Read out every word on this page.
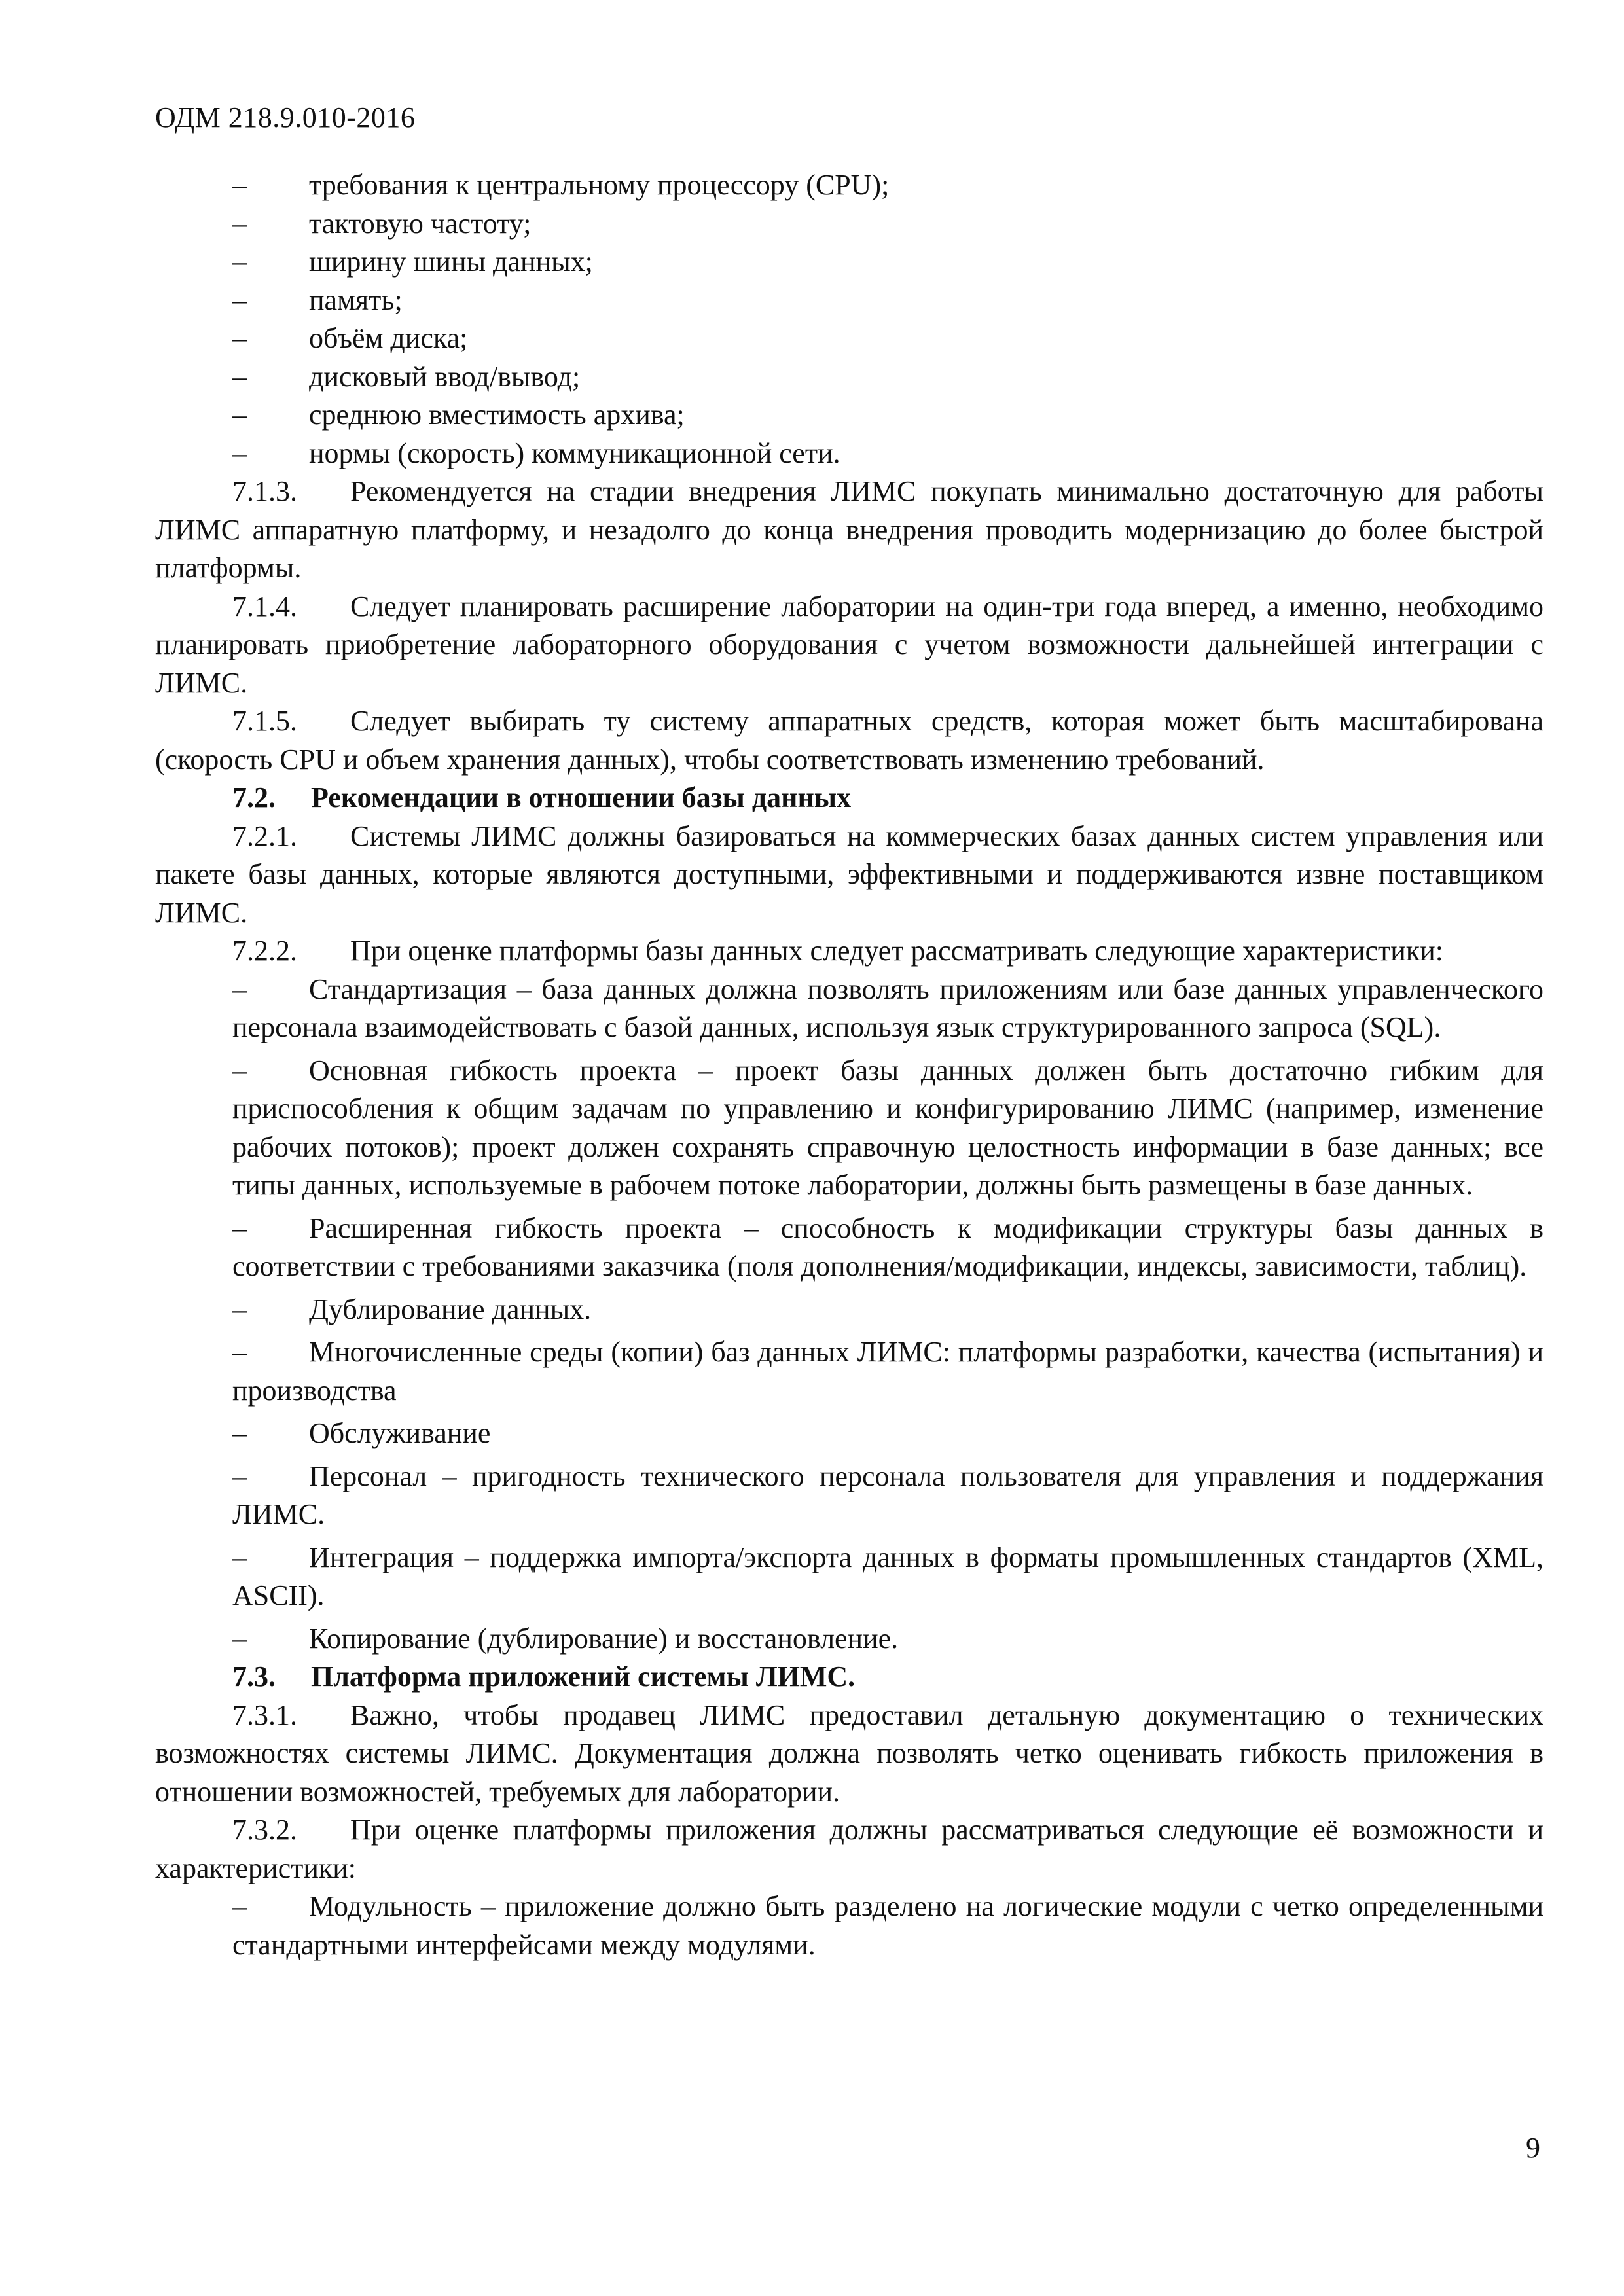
ОДМ 218.9.010-2016
–	требования к центральному процессору (CPU);
–	тактовую частоту;
–	ширину шины данных;
–	память;
–	объём диска;
–	дисковый ввод/вывод;
–	среднюю вместимость архива;
–	нормы (скорость) коммуникационной сети.
7.1.3. Рекомендуется на стадии внедрения ЛИМС покупать минимально достаточную для работы ЛИМС аппаратную платформу, и незадолго до конца внедрения проводить модернизацию до более быстрой платформы.
7.1.4. Следует планировать расширение лаборатории на один-три года вперед, а именно, необходимо планировать приобретение лабораторного оборудования с учетом возможности дальнейшей интеграции с ЛИМС.
7.1.5. Следует выбирать ту систему аппаратных средств, которая может быть масштабирована (скорость CPU и объем хранения данных), чтобы соответствовать изменению требований.
7.2. Рекомендации в отношении базы данных
7.2.1. Системы ЛИМС должны базироваться на коммерческих базах данных систем управления или пакете базы данных, которые являются доступными, эффективными и поддерживаются извне поставщиком ЛИМС.
7.2.2. При оценке платформы базы данных следует рассматривать следующие характеристики:
–	Стандартизация – база данных должна позволять приложениям или базе данных управленческого персонала взаимодействовать с базой данных, используя язык структурированного запроса (SQL).
–	Основная гибкость проекта – проект базы данных должен быть достаточно гибким для приспособления к общим задачам по управлению и конфигурированию ЛИМС (например, изменение рабочих потоков); проект должен сохранять справочную целостность информации в базе данных; все типы данных, используемые в рабочем потоке лаборатории, должны быть размещены в базе данных.
–	Расширенная гибкость проекта – способность к модификации структуры базы данных в соответствии с требованиями заказчика (поля дополнения/модификации, индексы, зависимости, таблиц).
–	Дублирование данных.
–	Многочисленные среды (копии) баз данных ЛИМС: платформы разработки, качества (испытания) и производства
–	Обслуживание
–	Персонал – пригодность технического персонала пользователя для управления и поддержания ЛИМС.
–	Интеграция – поддержка импорта/экспорта данных в форматы промышленных стандартов (XML, ASCII).
–	Копирование (дублирование) и восстановление.
7.3. Платформа приложений системы ЛИМС.
7.3.1. Важно, чтобы продавец ЛИМС предоставил детальную документацию о технических возможностях системы ЛИМС. Документация должна позволять четко оценивать гибкость приложения в отношении возможностей, требуемых для лаборатории.
7.3.2. При оценке платформы приложения должны рассматриваться следующие её возможности и характеристики:
–	Модульность – приложение должно быть разделено на логические модули с четко определенными стандартными интерфейсами между модулями.
9
